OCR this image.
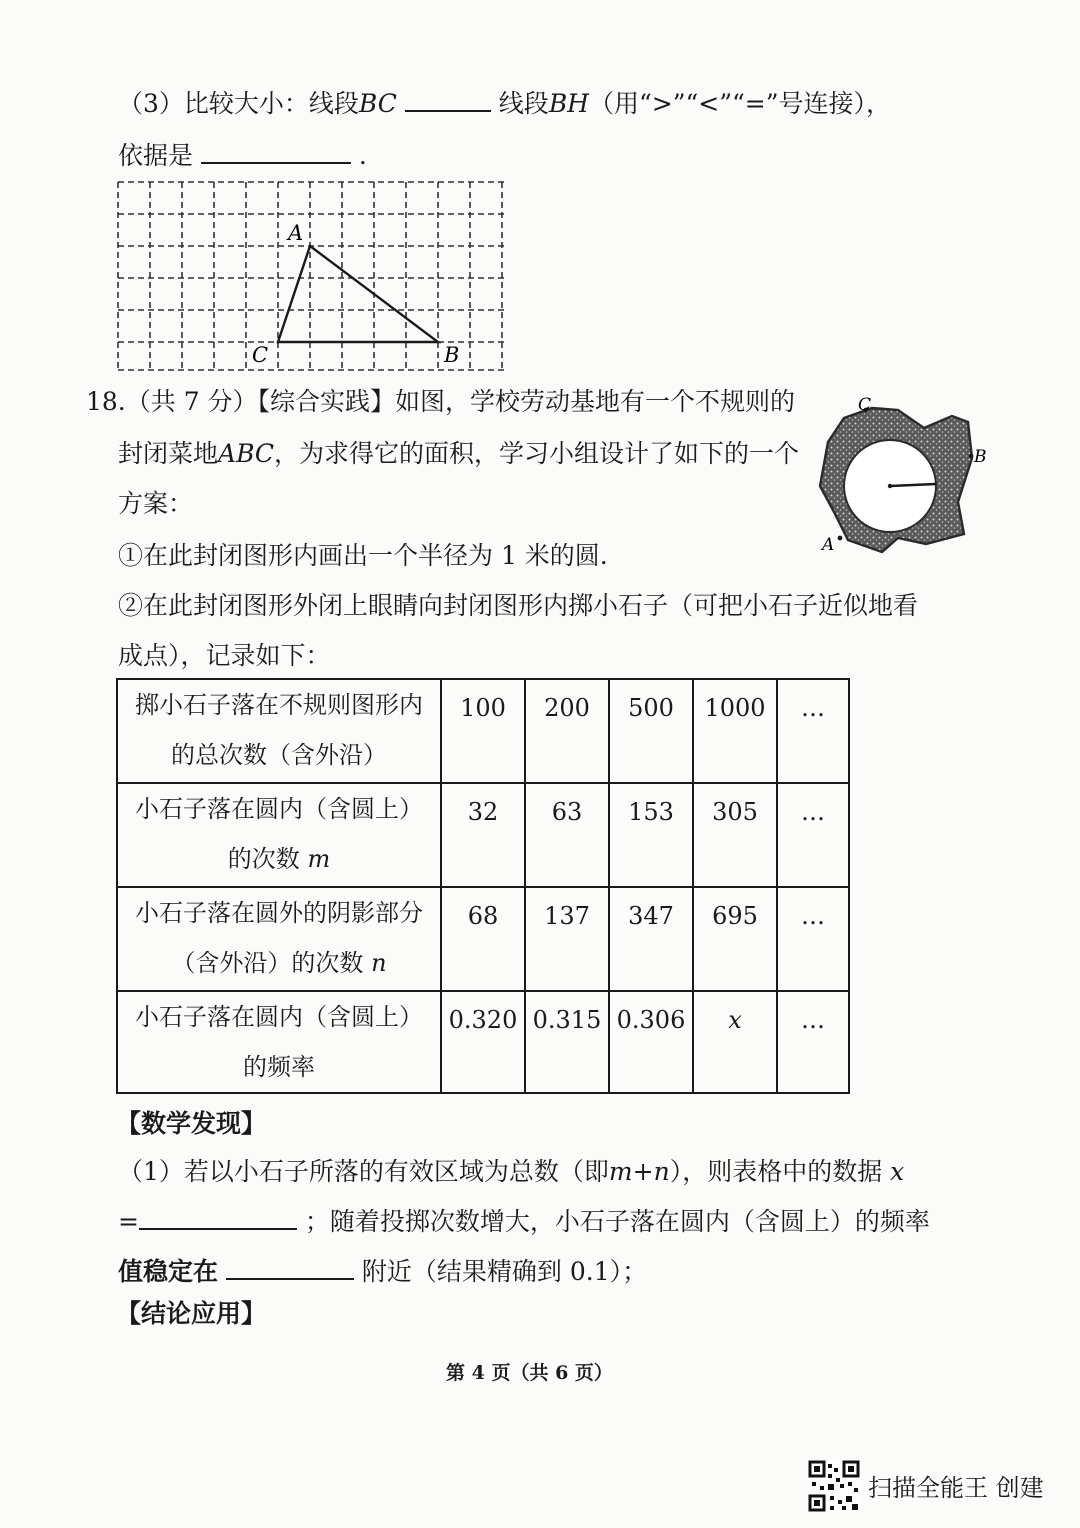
（3）比较大小：线段BC	线段BH（用“>”“<”“=”号连接），
依据是	.
A
C	B
18.（共 7 分）【综合实践】如图，学校劳动基地有一个不规则的
封闭菜地ABC，为求得它的面积，学习小组设计了如下的一个
方案：
①在此封闭图形内画出一个半径为 1 米的圆.
②在此封闭图形外闭上眼睛向封闭图形内掷小石子（可把小石子近似地看
成点），记录如下：
C
B
A
掷小石子落在不规则图形内
的总次数（含外沿）	100	200	500	1000	…

小石子落在圆内（含圆上）
的次数 m	32	63	153	305	…

小石子落在圆外的阴影部分
（含外沿）的次数 n	68	137	347	695	…

小石子落在圆内（含圆上）
的频率	0.320	0.315	0.306	x	…
【数学发现】
（1）若以小石子所落的有效区域为总数（即m+n），则表格中的数据 x
=	；随着投掷次数增大，小石子落在圆内（含圆上）的频率
值稳定在	附近（结果精确到 0.1）；
【结论应用】
第 4 页（共 6 页）
扫描全能王 创建
